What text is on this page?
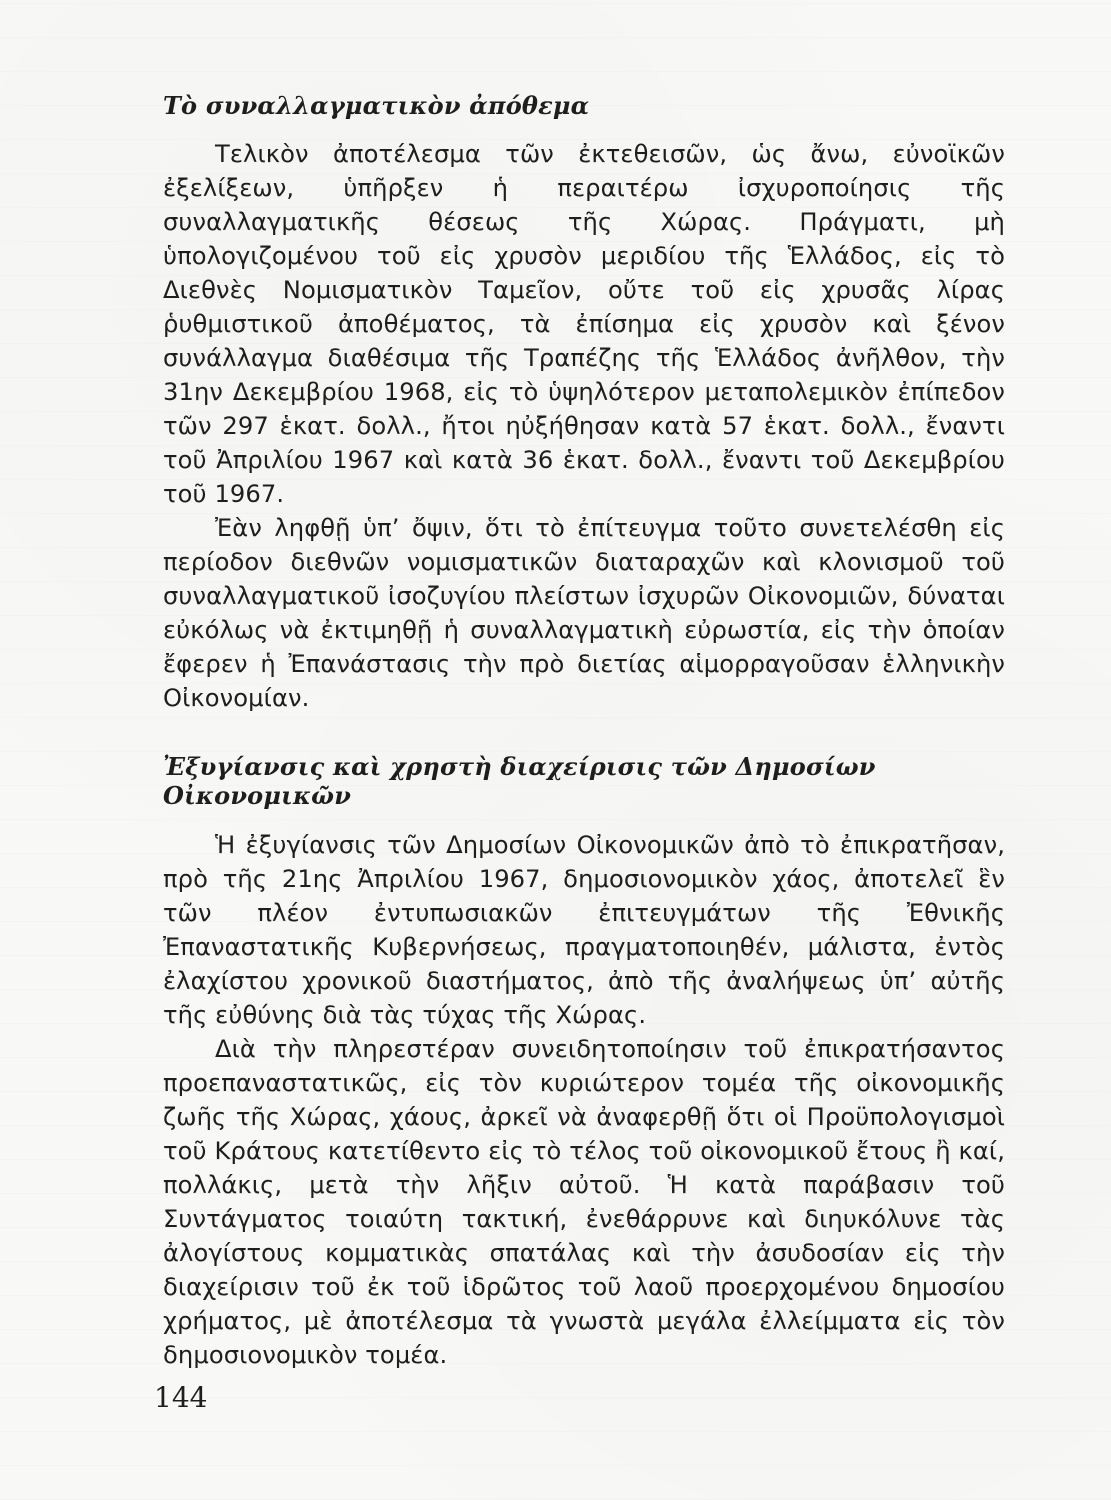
Τὸ συναλλαγματικὸν ἀπόθεμα

Τελικὸν ἀποτέλεσμα τῶν ἐκτεθεισῶν, ὡς ἄνω, εὐνοϊκῶν ἐξελίξεων, ὑπῆρξεν ἡ περαιτέρω ἰσχυροποίησις τῆς συναλλαγματικῆς θέσεως τῆς Χώρας. Πράγματι, μὴ ὑπολογιζομένου τοῦ εἰς χρυσὸν μεριδίου τῆς Ἑλλάδος, εἰς τὸ Διεθνὲς Νομισματικὸν Ταμεῖον, οὔτε τοῦ εἰς χρυσᾶς λίρας ῥυθμιστικοῦ ἀποθέματος, τὰ ἐπίσημα εἰς χρυσὸν καὶ ξένον συνάλλαγμα διαθέσιμα τῆς Τραπέζης τῆς Ἑλλάδος ἀνῆλθον, τὴν 31ην Δεκεμβρίου 1968, εἰς τὸ ὑψηλότερον μεταπολεμικὸν ἐπίπεδον τῶν 297 ἑκατ. δολλ., ἤτοι ηὐξήθησαν κατὰ 57 ἑκατ. δολλ., ἔναντι τοῦ Ἀπριλίου 1967 καὶ κατὰ 36 ἑκατ. δολλ., ἔναντι τοῦ Δεκεμβρίου τοῦ 1967.

Ἐὰν ληφθῇ ὑπ’ ὄψιν, ὅτι τὸ ἐπίτευγμα τοῦτο συνετελέσθη εἰς περίοδον διεθνῶν νομισματικῶν διαταραχῶν καὶ κλονισμοῦ τοῦ συναλλαγματικοῦ ἰσοζυγίου πλείστων ἰσχυρῶν Οἰκονομιῶν, δύναται εὐκόλως νὰ ἐκτιμηθῇ ἡ συναλλαγματικὴ εὐρωστία, εἰς τὴν ὁποίαν ἔφερεν ἡ Ἐπανάστασις τὴν πρὸ διετίας αἱμορραγοῦσαν ἑλληνικὴν Οἰκονομίαν.

Ἐξυγίανσις καὶ χρηστὴ διαχείρισις τῶν Δημοσίων Οἰκονομικῶν

Ἡ ἐξυγίανσις τῶν Δημοσίων Οἰκονομικῶν ἀπὸ τὸ ἐπικρατῆσαν, πρὸ τῆς 21ης Ἀπριλίου 1967, δημοσιονομικὸν χάος, ἀποτελεῖ ἓν τῶν πλέον ἐντυπωσιακῶν ἐπιτευγμάτων τῆς Ἐθνικῆς Ἐπαναστατικῆς Κυβερνήσεως, πραγματοποιηθέν, μάλιστα, ἐντὸς ἐλαχίστου χρονικοῦ διαστήματος, ἀπὸ τῆς ἀναλήψεως ὑπ’ αὐτῆς τῆς εὐθύνης διὰ τὰς τύχας τῆς Χώρας.

Διὰ τὴν πληρεστέραν συνειδητοποίησιν τοῦ ἐπικρατήσαντος προεπαναστατικῶς, εἰς τὸν κυριώτερον τομέα τῆς οἰκονομικῆς ζωῆς τῆς Χώρας, χάους, ἀρκεῖ νὰ ἀναφερθῇ ὅτι οἱ Προϋπολογισμοὶ τοῦ Κράτους κατετίθεντο εἰς τὸ τέλος τοῦ οἰκονομικοῦ ἔτους ἢ καί, πολλάκις, μετὰ τὴν λῆξιν αὐτοῦ. Ἡ κατὰ παράβασιν τοῦ Συντάγματος τοιαύτη τακτική, ἐνεθάρρυνε καὶ διηυκόλυνε τὰς ἀλογίστους κομματικὰς σπατάλας καὶ τὴν ἀσυδοσίαν εἰς τὴν διαχείρισιν τοῦ ἐκ τοῦ ἱδρῶτος τοῦ λαοῦ προερχομένου δημοσίου χρήματος, μὲ ἀποτέλεσμα τὰ γνωστὰ μεγάλα ἐλλείμματα εἰς τὸν δημοσιονομικὸν τομέα.

144
